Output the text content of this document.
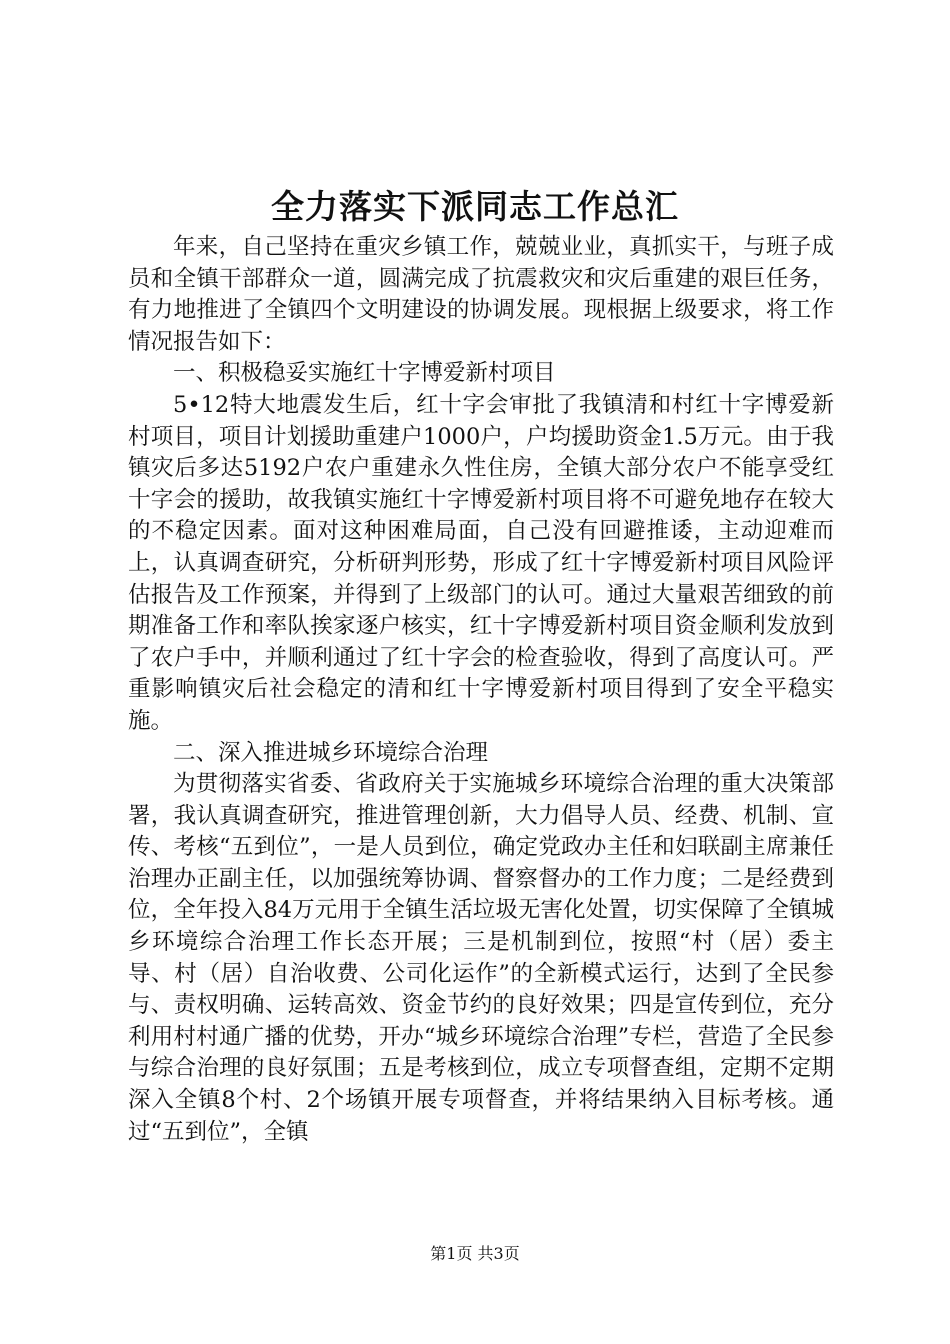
全力落实下派同志工作总汇

年来，自己坚持在重灾乡镇工作，兢兢业业，真抓实干，与班子成员和全镇干部群众一道，圆满完成了抗震救灾和灾后重建的艰巨任务，有力地推进了全镇四个文明建设的协调发展。现根据上级要求，将工作情况报告如下：

一、积极稳妥实施红十字博爱新村项目

5•12特大地震发生后，红十字会审批了我镇清和村红十字博爱新村项目，项目计划援助重建户1000户，户均援助资金1.5万元。由于我镇灾后多达5192户农户重建永久性住房，全镇大部分农户不能享受红十字会的援助，故我镇实施红十字博爱新村项目将不可避免地存在较大的不稳定因素。面对这种困难局面，自己没有回避推诿，主动迎难而上，认真调查研究，分析研判形势，形成了红十字博爱新村项目风险评估报告及工作预案，并得到了上级部门的认可。通过大量艰苦细致的前期准备工作和率队挨家逐户核实，红十字博爱新村项目资金顺利发放到了农户手中，并顺利通过了红十字会的检查验收，得到了高度认可。严重影响镇灾后社会稳定的清和红十字博爱新村项目得到了安全平稳实施。

二、深入推进城乡环境综合治理

为贯彻落实省委、省政府关于实施城乡环境综合治理的重大决策部署，我认真调查研究，推进管理创新，大力倡导人员、经费、机制、宣传、考核“五到位”，一是人员到位，确定党政办主任和妇联副主席兼任治理办正副主任，以加强统筹协调、督察督办的工作力度；二是经费到位，全年投入84万元用于全镇生活垃圾无害化处置，切实保障了全镇城乡环境综合治理工作长态开展；三是机制到位，按照“村（居）委主导、村（居）自治收费、公司化运作”的全新模式运行，达到了全民参与、责权明确、运转高效、资金节约的良好效果；四是宣传到位，充分利用村村通广播的优势，开办“城乡环境综合治理”专栏，营造了全民参与综合治理的良好氛围；五是考核到位，成立专项督查组，定期不定期深入全镇8个村、2个场镇开展专项督查，并将结果纳入目标考核。通过“五到位”，全镇

第1页 共3页
